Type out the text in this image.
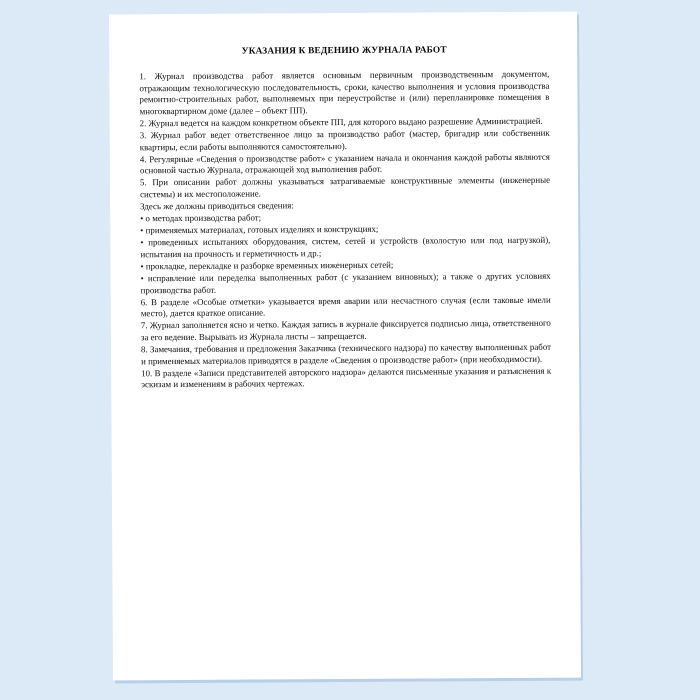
УКАЗАНИЯ К ВЕДЕНИЮ ЖУРНАЛА РАБОТ

1. Журнал производства работ является основным первичным производственным документом, отражающим технологическую последовательность, сроки, качество выполнения и условия производства ремонтно-строительных работ, выполняемых при переустройстве и (или) перепланировке помещения в многоквартирном доме (далее – объект ПП).

2. Журнал ведется на каждом конкретном объекте ПП, для которого выдано разрешение Администрацией.

3. Журнал работ ведет ответственное лицо за производство работ (мастер, бригадир или собственник квартиры, если работы выполняются самостоятельно).

4. Регулярные «Сведения о производстве работ» с указанием начала и окончания каждой работы являются основной частью Журнала, отражающей ход выполнения работ.

5. При описании работ должны указываться затрагиваемые конструктивные элементы (инженерные системы) и их местоположение.

Здесь же должны приводиться сведения:

• о методах производства работ;

• применяемых материалах, готовых изделиях и конструкциях;

• проведенных испытаниях оборудования, систем, сетей и устройств (вхолостую или под нагрузкой), испытания на прочность и герметичность и др.;

• прокладке, перекладке и разборке временных инженерных сетей;

• исправление или переделка выполненных работ (с указанием виновных); а также о других условиях производства работ.

6. В разделе «Особые отметки» указывается время аварии или несчастного случая (если таковые имели место), дается краткое описание.

7. Журнал заполняется ясно и четко. Каждая запись в журнале фиксируется подписью лица, ответственного за его ведение. Вырывать из Журнала листы – запрещается.

8. Замечания, требования и предложения Заказчика (технического надзора) по качеству выполненных работ и применяемых материалов приводятся в разделе «Сведения о производстве работ» (при необходимости).

10. В разделе «Записи представителей авторского надзора» делаются письменные указания и разъяснения к эскизам и изменениям в рабочих чертежах.
